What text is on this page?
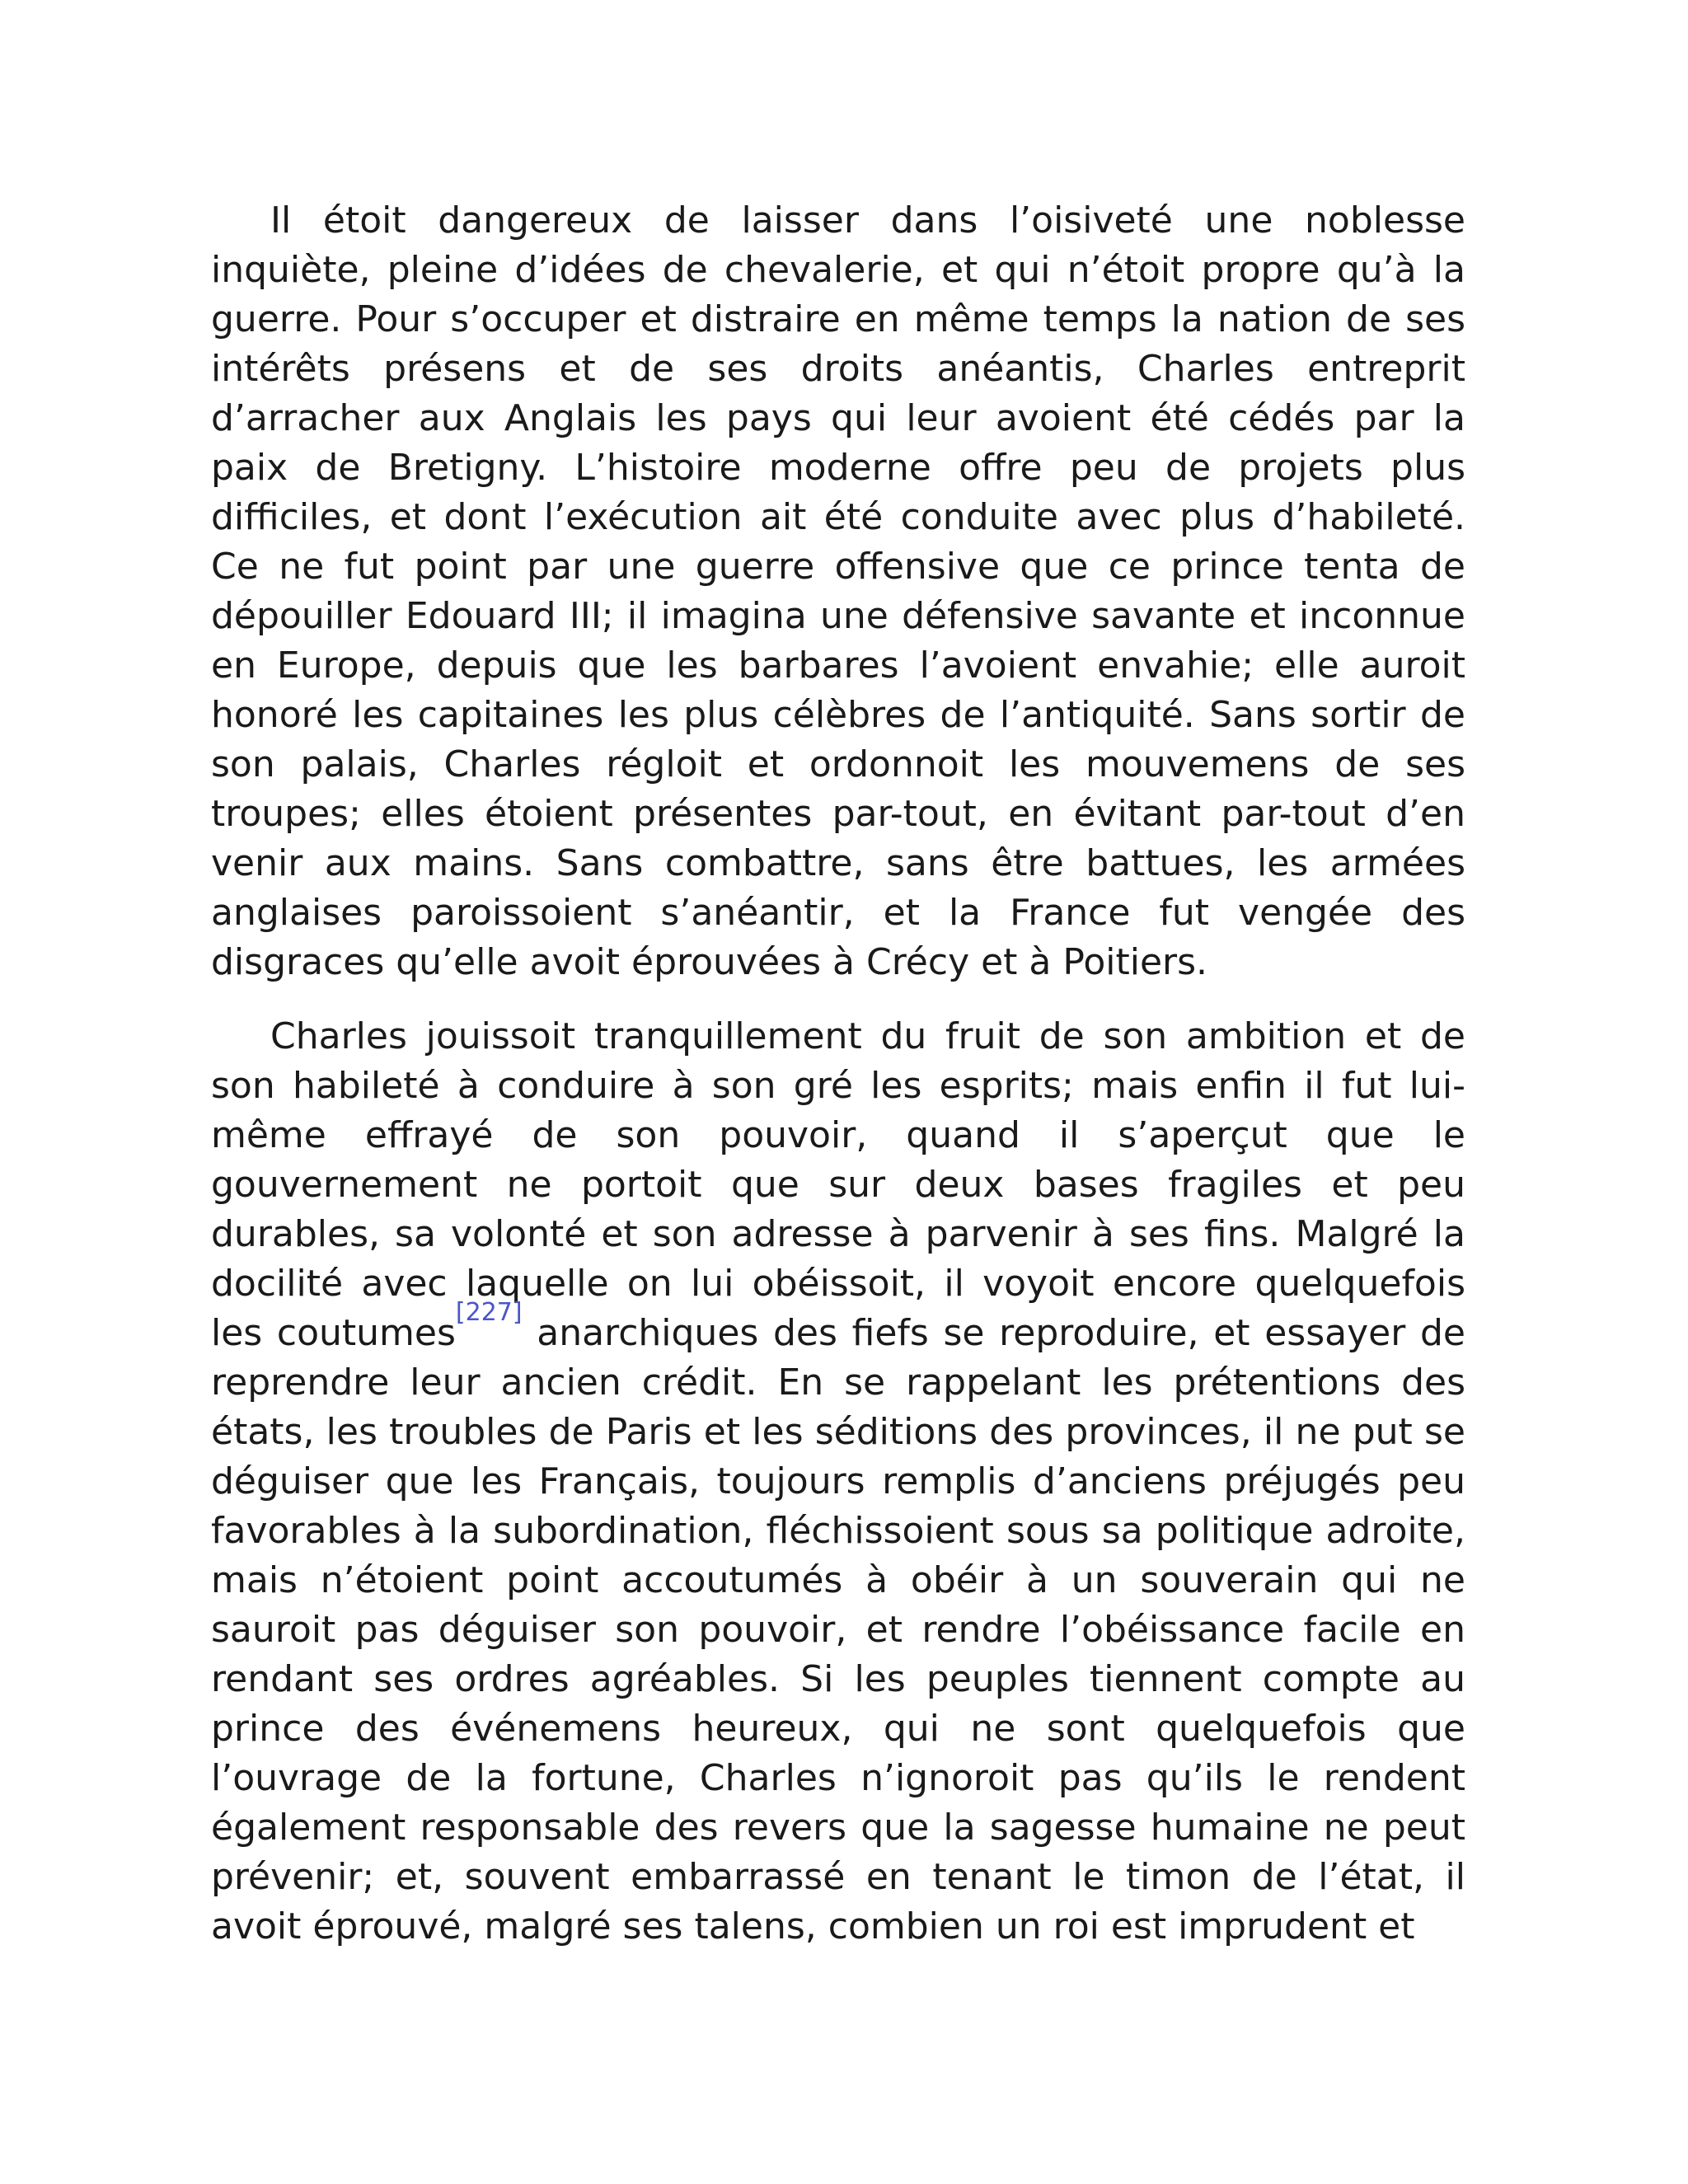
Il étoit dangereux de laisser dans l’oisiveté une noblesse inquiète, pleine d’idées de chevalerie, et qui n’étoit propre qu’à la guerre. Pour s’occuper et distraire en même temps la nation de ses intérêts présens et de ses droits anéantis, Charles entreprit d’arracher aux Anglais les pays qui leur avoient été cédés par la paix de Bretigny. L’histoire moderne offre peu de projets plus difficiles, et dont l’exécution ait été conduite avec plus d’habileté. Ce ne fut point par une guerre offensive que ce prince tenta de dépouiller Edouard III; il imagina une défensive savante et inconnue en Europe, depuis que les barbares l’avoient envahie; elle auroit honoré les capitaines les plus célèbres de l’antiquité. Sans sortir de son palais, Charles régloit et ordonnoit les mouvemens de ses troupes; elles étoient présentes par-tout, en évitant par-tout d’en venir aux mains. Sans combattre, sans être battues, les armées anglaises paroissoient s’anéantir, et la France fut vengée des disgraces qu’elle avoit éprouvées à Crécy et à Poitiers.

Charles jouissoit tranquillement du fruit de son ambition et de son habileté à conduire à son gré les esprits; mais enfin il fut lui-même effrayé de son pouvoir, quand il s’aperçut que le gouvernement ne portoit que sur deux bases fragiles et peu durables, sa volonté et son adresse à parvenir à ses fins. Malgré la docilité avec laquelle on lui obéissoit, il voyoit encore quelquefois les coutumes[227] anarchiques des fiefs se reproduire, et essayer de reprendre leur ancien crédit. En se rappelant les prétentions des états, les troubles de Paris et les séditions des provinces, il ne put se déguiser que les Français, toujours remplis d’anciens préjugés peu favorables à la subordination, fléchissoient sous sa politique adroite, mais n’étoient point accoutumés à obéir à un souverain qui ne sauroit pas déguiser son pouvoir, et rendre l’obéissance facile en rendant ses ordres agréables. Si les peuples tiennent compte au prince des événemens heureux, qui ne sont quelquefois que l’ouvrage de la fortune, Charles n’ignoroit pas qu’ils le rendent également responsable des revers que la sagesse humaine ne peut prévenir; et, souvent embarrassé en tenant le timon de l’état, il avoit éprouvé, malgré ses talens, combien un roi est imprudent et
